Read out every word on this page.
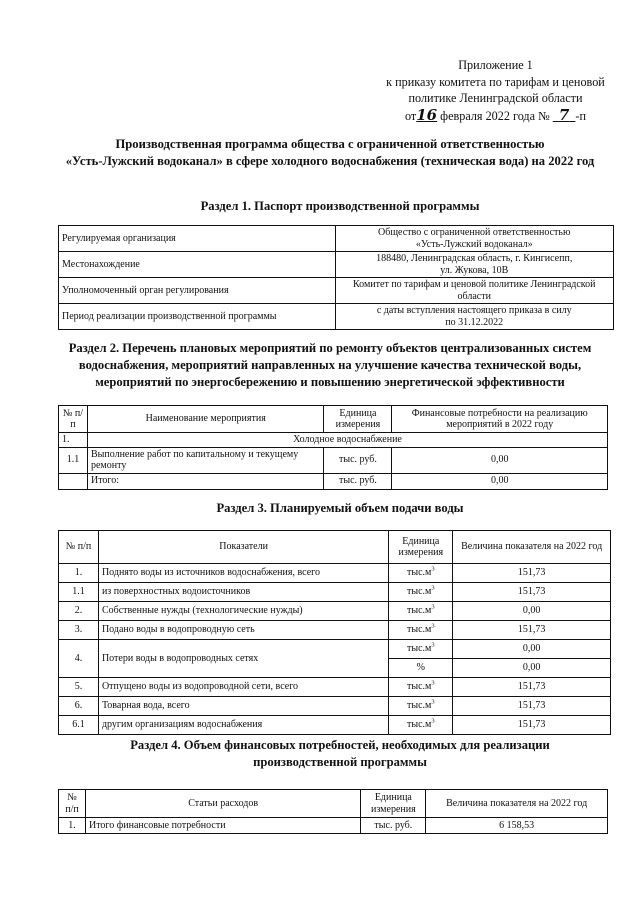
Приложение 1
к приказу комитета по тарифам и ценовой
политике Ленинградской области
от16 февраля 2022 года № 7 -п
Производственная программа общества с ограниченной ответственностью
«Усть-Лужский водоканал» в сфере холодного водоснабжения (техническая вода) на 2022 год
Раздел 1. Паспорт производственной программы
Регулируемая организация	Общество с ограниченной ответственностью
«Усть-Лужский водоканал»

Местонахождение	188480, Ленинградская область, г. Кингисепп,
ул. Жукова, 10В

Уполномоченный орган регулирования	Комитет по тарифам и ценовой политике Ленинградской
области

Период реализации производственной программы	с даты вступления настоящего приказа в силу
по 31.12.2022
Раздел 2. Перечень плановых мероприятий по ремонту объектов централизованных систем
водоснабжения, мероприятий направленных на улучшение качества технической воды,
мероприятий по энергосбережению и повышению энергетической эффективности
№ п/п	Наименование мероприятия	Единица измерения	Финансовые потребности на реализацию мероприятий в 2022 году
1.	Холодное водоснабжение		
1.1	Выполнение работ по капитальному и текущему ремонту	тыс. руб.	0,00
	Итого:	тыс. руб.	0,00
Раздел 3. Планируемый объем подачи воды
№ п/п	Показатели	Единица измерения	Величина показателя на 2022 год
1.	Поднято воды из источников водоснабжения, всего	$тыс.м^3$	151,73
1.1	из поверхностных водоисточников	$тыс.м^3$	151,73
2.	Собственные нужды (технологические нужды)	$тыс.м^3$	0,00
3.	Подано воды в водопроводную сеть	$тыс.м^3$	151,73
4.	Потери воды в водопроводных сетях	$тыс.м^3$	0,00
		%	0,00
5.	Отпущено воды из водопроводной сети, всего	$тыс.м^3$	151,73
6.	Товарная вода, всего	$тыс.м^3$	151,73
6.1	другим организациям водоснабжения	$тыс.м^3$	151,73
Раздел 4. Объем финансовых потребностей, необходимых для реализации
производственной программы
№ п/п	Статьи расходов	Единица измерения	Величина показателя на 2022 год
1.	Итого финансовые потребности	тыс. руб.	6 158,53
